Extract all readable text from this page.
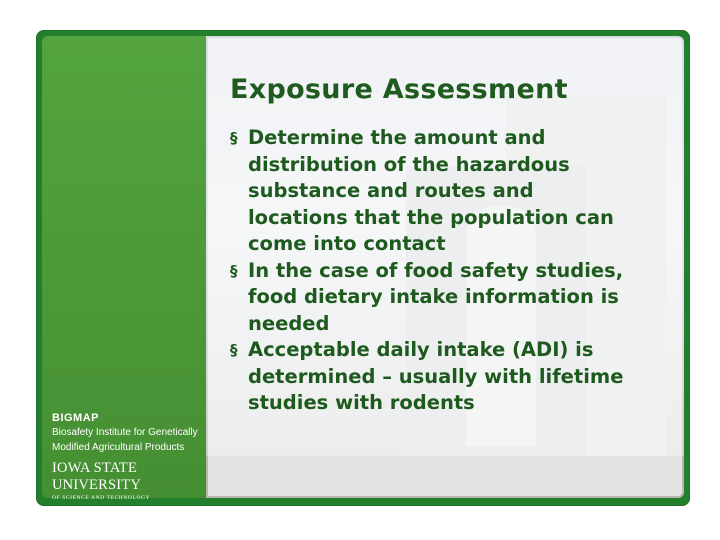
Exposure Assessment
§ Determine the amount and distribution of the hazardous substance and routes and locations that the population can come into contact
§ In the case of food safety studies, food dietary intake information is needed
§ Acceptable daily intake (ADI) is determined – usually with lifetime studies with rodents
BIGMAP
Biosafety Institute for Genetically
Modified Agricultural Products
IOWA STATE UNIVERSITY
OF SCIENCE AND TECHNOLOGY
